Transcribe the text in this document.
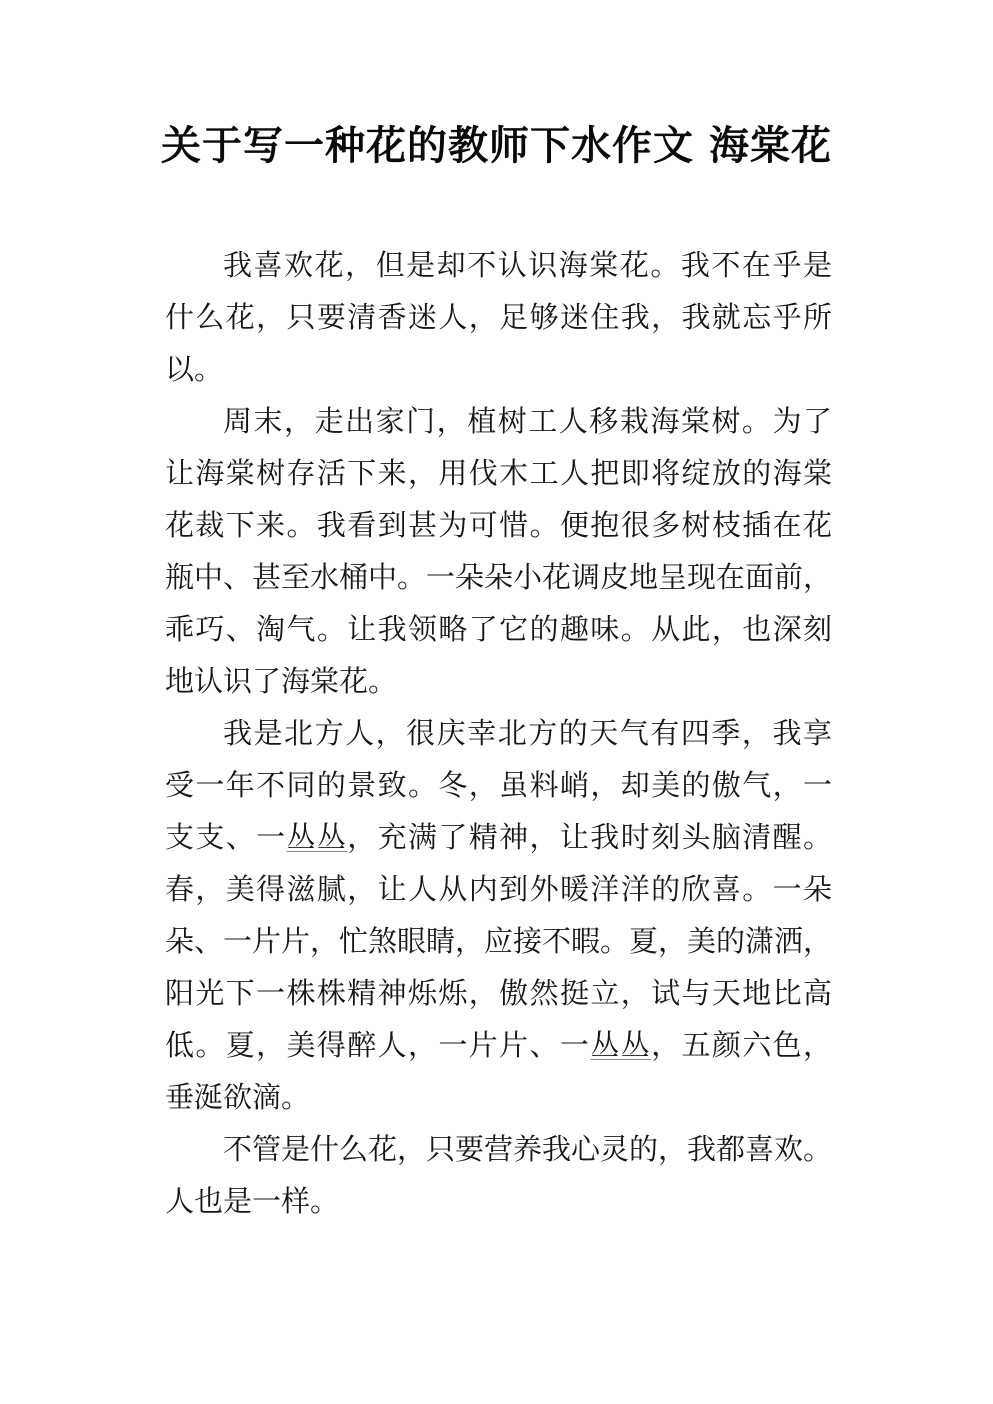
关于写一种花的教师下水作文 海棠花
我喜欢花，但是却不认识海棠花。我不在乎是
什么花，只要清香迷人，足够迷住我，我就忘乎所
以。
周末，走出家门，植树工人移栽海棠树。为了
让海棠树存活下来，用伐木工人把即将绽放的海棠
花裁下来。我看到甚为可惜。便抱很多树枝插在花
瓶中、甚至水桶中。一朵朵小花调皮地呈现在面前，
乖巧、淘气。让我领略了它的趣味。从此，也深刻
地认识了海棠花。
我是北方人，很庆幸北方的天气有四季，我享
受一年不同的景致。冬，虽料峭，却美的傲气，一
支支、一丛丛，充满了精神，让我时刻头脑清醒。
春，美得滋腻，让人从内到外暖洋洋的欣喜。一朵
朵、一片片，忙煞眼睛，应接不暇。夏，美的潇洒，
阳光下一株株精神烁烁，傲然挺立，试与天地比高
低。夏，美得醉人，一片片、一丛丛，五颜六色，
垂涎欲滴。
不管是什么花，只要营养我心灵的，我都喜欢。
人也是一样。
